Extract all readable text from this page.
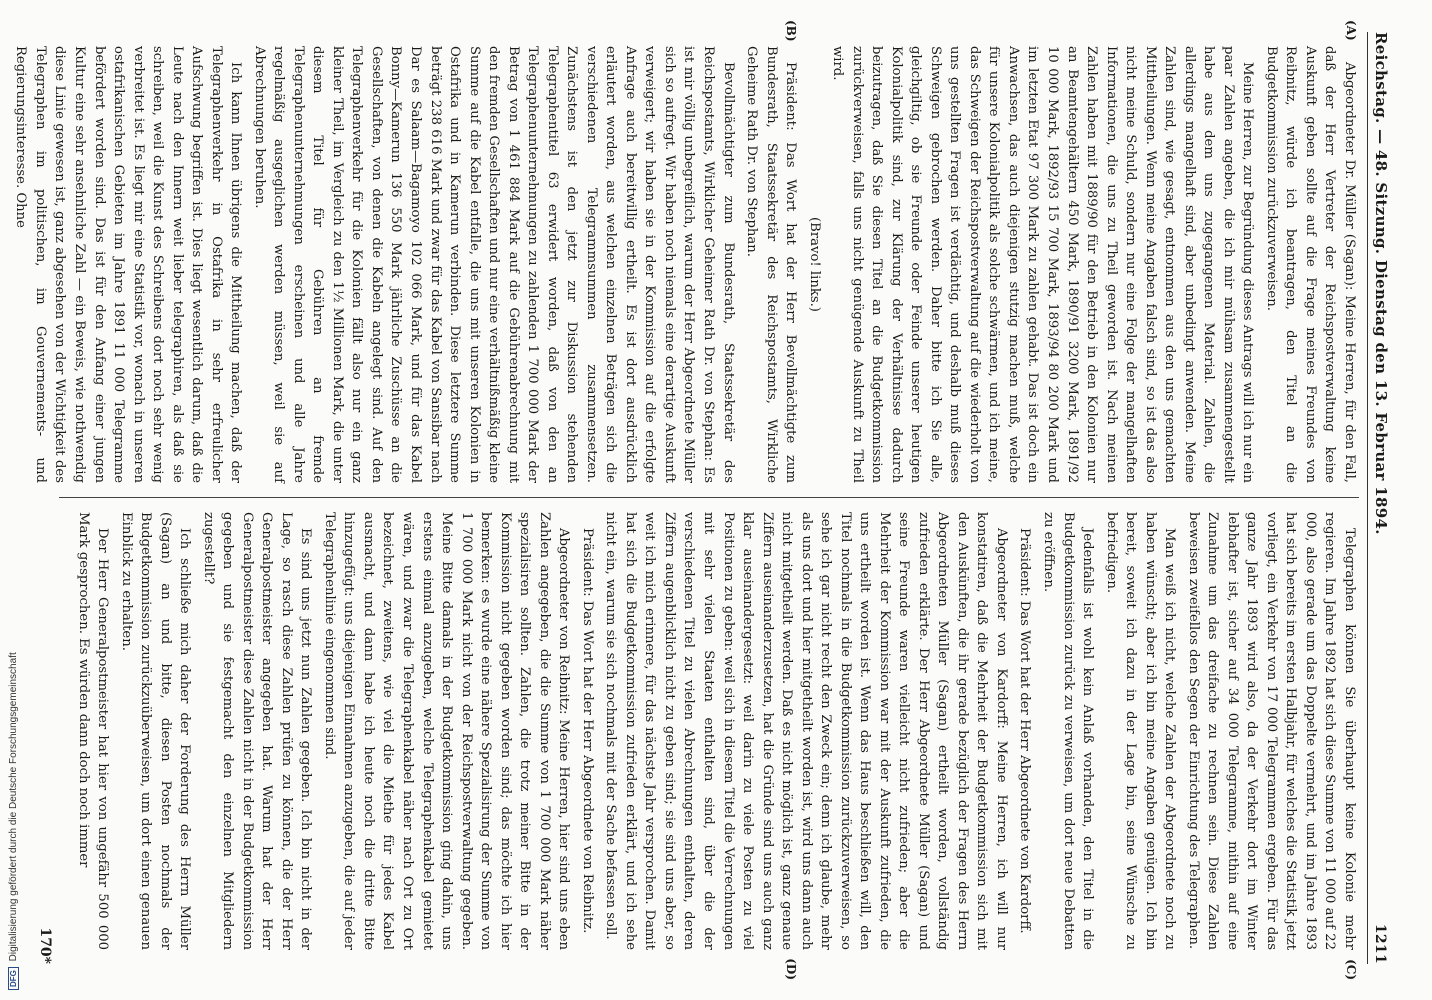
Reichstag. — 48. Sitzung. Dienstag den 13. Februar 1894.
1211
(A)
(B)

Abgeordneter Dr. Müller (Sagan): Meine Herren, für den Fall, daß der Herr Vertreter der Reichspostverwaltung keine Auskunft geben sollte auf die Frage meines Freundes von Reibnitz, würde ich beantragen, den Titel an die Budgetkommission zurückzuverweisen.

Meine Herren, zur Begründung dieses Antrags will ich nur ein paar Zahlen angeben, die ich mir mühsam zusammengestellt habe aus dem uns zugegangenen Material. Zahlen, die allerdings mangelhaft sind, aber unbedingt anwenden. Meine Zahlen sind, wie gesagt, entnommen aus den uns gemachten Mittheilungen. Wenn meine Angaben falsch sind, so ist das also nicht meine Schuld, sondern nur eine Folge der mangelhaften Informationen, die uns zu Theil geworden ist. Nach meinen Zahlen haben mit 1889/90 für den Betrieb in den Kolonien nur an Beamtengehältern 450 Mark, 1890/91 3200 Mark, 1891/92 10 000 Mark, 1892/93 15 700 Mark, 1893/94 80 200 Mark und im letzten Etat 97 300 Mark zu zahlen gehabt. Das ist doch ein Anwachsen, das auch diejenigen stutzig machen muß, welche für unsere Kolonialpolitik als solche schwärmen, und ich meine, das Schweigen der Reichspostverwaltung auf die wiederholt von uns gestellten Fragen ist verdächtig, und deshalb muß dieses Schweigen gebrochen werden. Daher bitte ich Sie alle, gleichgiltig, ob sie Freunde oder Feinde unserer heutigen Kolonialpolitik sind, zur Klärung der Verhältnisse dadurch beizutragen, daß Sie diesen Titel an die Budgetkommission zurückverweisen, falls uns nicht genügende Auskunft zu Theil wird.

(Bravo! links.)

Präsident: Das Wort hat der Herr Bevollmächtigte zum Bundesrath, Staatssekretär des Reichspostamts, Wirkliche Geheime Rath Dr. von Stephan.

Bevollmächtigter zum Bundesrath, Staatssekretär des Reichspostamts, Wirklicher Geheimer Rath Dr. von Stephan: Es ist mir völlig unbegreiflich, warum der Herr Abgeordnete Müller sich so aufregt. Wir haben noch niemals eine derartige Auskunft verweigert; wir haben sie in der Kommission auf die erfolgte Anfrage auch bereitwillig ertheilt. Es ist dort ausdrücklich erläutert worden, aus welchen einzelnen Beträgen sich die verschiedenen Telegrammsummen zusammensetzen. Zunächstens ist den jetzt zur Diskussion stehenden Telegraphentitel 63 erwidert worden, daß von den an Telegraphenunternehmungen zu zahlenden 1 700 000 Mark der Betrag von 1 461 884 Mark auf die Gebührenabrechnung mit den fremden Gesellschaften und nur eine verhältnißmäßig kleine Summe auf die Kabel entfalle, die uns mit unseren Kolonien in Ostafrika und in Kamerun verbinden. Diese letztere Summe beträgt 238 616 Mark und zwar für das Kabel von Sansibar nach Dar es Salaam—Bagamoyo 102 066 Mark, und für das Kabel Bonny—Kamerun 136 550 Mark jährliche Zuschüsse an die Gesellschaften, von denen die Kabeln angelegt sind. Auf den Telegraphenverkehr für die Kolonien fällt also nur ein ganz kleiner Theil, im Vergleich zu den 1½ Millionen Mark, die unter diesem Titel für Gebühren an fremde Telegraphenunternehmungen erscheinen und alle Jahre regelmäßig ausgeglichen werden müssen, weil sie auf Abrechnungen beruhen.

Ich kann Ihnen übrigens die Mittheilung machen, daß der Telegraphenverkehr in Ostafrika in sehr erfreulicher Aufschwung begriffen ist. Dies liegt wesentlich darum, daß die Leute nach den Innern weit lieber telegraphiren, als daß sie schreiben, weil die Kunst des Schreibens dort noch sehr wenig verbreitet ist. Es liegt mir eine Statistik vor, wonach in unseren ostafrikanischen Gebieten im Jahre 1891 11 000 Telegramme befördert worden sind. Das ist für den Anfang einer jungen Kultur eine sehr ansehnliche Zahl — ein Beweis, wie nothwendig diese Linie gewesen ist, ganz abgesehen von der Wichtigkeit des Telegraphen im politischen, im Gouvernements- und Regierungsinteresse. Ohne

(C)
(D)

Telegraphen können Sie überhaupt keine Kolonie mehr regieren. Im Jahre 1892 hat sich diese Summe von 11 000 auf 22 000, also gerade um das Doppelte vermehrt, und im Jahre 1893 hat sich bereits im ersten Halbjahr, für welches die Statistik jetzt vorliegt, ein Verkehr von 17 000 Telegrammen ergeben. Für das ganze Jahr 1893 wird also, da der Verkehr dort im Winter lebhafter ist, sicher auf 34 000 Telegramme, mithin auf eine Zunahme um das dreifache zu rechnen sein. Diese Zahlen beweisen zweifellos den Segen der Einrichtung des Telegraphen.

Man weiß ich nicht, welche Zahlen der Abgeordnete noch zu haben wünscht; aber ich bin meine Angaben genügen. Ich bin bereit, soweit ich dazu in der Lage bin, seine Wünsche zu befriedigen.

Jedenfalls ist wohl kein Anlaß vorhanden, den Titel in die Budgetkommission zurück zu verweisen, um dort neue Debatten zu eröffnen.

Präsident: Das Wort hat der Herr Abgeordnete von Kardorff.

Abgeordneter von Kardorff: Meine Herren, ich will nur konstatiren, daß die Mehrheit der Budgetkommission sich mit den Auskünften, die ihr gerade bezüglich der Fragen des Herrn Abgeordneten Müller (Sagan) ertheilt worden, vollständig zufrieden erklärte. Der Herr Abgeordnete Müller (Sagan) und seine Freunde waren vielleicht nicht zufrieden; aber die Mehrheit der Kommission war mit der Auskunft zufrieden, die uns ertheilt worden ist. Wenn das Haus beschließen will, den Titel nochmals in die Budgetkommission zurückzuverweisen, so sehe ich gar nicht recht den Zweck ein; denn ich glaube, mehr als uns dort und hier mitgetheilt worden ist, wird uns dann auch nicht mitgetheilt werden. Daß es nicht möglich ist, ganz genaue Ziffern auseinanderzusetzen, hat die Gründe sind uns auch ganz klar auseinandergesetzt: weil darin zu viele Posten zu viel Positionen zu geben: weil sich in diesem Titel die Verrechnungen mit sehr vielen Staaten enthalten sind, über die der verschiedenen Titel zu vielen Abrechnungen enthalten, deren Ziffern augenblicklich nicht zu geben sind; sie sind uns aber, so weit ich mich erinnere, für das nächste Jahr versprochen. Damit hat sich die Budgetkommission zufrieden erklärt, und ich sehe nicht ein, warum sie sich nochmals mit der Sache befassen soll.

Präsident: Das Wort hat der Herr Abgeordnete von Reibnitz.

Abgeordneter von Reibnitz: Meine Herren, hier sind uns eben Zahlen angegeben, die die Summe von 1 700 000 Mark näher spezialisiren sollten. Zahlen, die trotz meiner Bitte in der Kommission nicht gegeben worden sind; das möchte ich hier bemerken: es wurde eine nähere Spezialisirung der Summe von 1 700 000 Mark nicht von der Reichspostverwaltung gegeben. Meine Bitte damals in der Budgetkommission ging dahin, uns erstens einmal anzugeben, welche Telegraphenkabel gemietet wären, und zwar die Telegraphenkabel näher nach Ort zu Ort bezeichnet, zweitens, wie viel die Miethe für jedes Kabel ausmacht, und dann habe ich heute noch die dritte Bitte hinzugefügt: uns diejenigen Einnahmen anzugeben, die auf jeder Telegraphenlinie eingenommen sind.

Es sind uns jetzt nun Zahlen gegeben. Ich bin nicht in der Lage, so rasch diese Zahlen prüfen zu können, die der Herr Generalpostmeister angegeben hat. Warum hat der Herr Generalpostmeister diese Zahlen nicht in der Budgetkommission gegeben und sie festgemacht den einzelnen Mitgliedern zugestellt?

Ich schließe mich daher der Forderung des Herrn Müller (Sagan) an und bitte, diesen Posten nochmals der Budgetkommission zurückzuüberweisen, um dort einen genauen Einblick zu erhalten.

Der Herr Generalpostmeister hat hier von ungefähr 500 000 Mark gesprochen. Es würden dann doch noch immer

170*
DFG Digitalisierung gefördert durch die Deutsche Forschungsgemeinschaft
